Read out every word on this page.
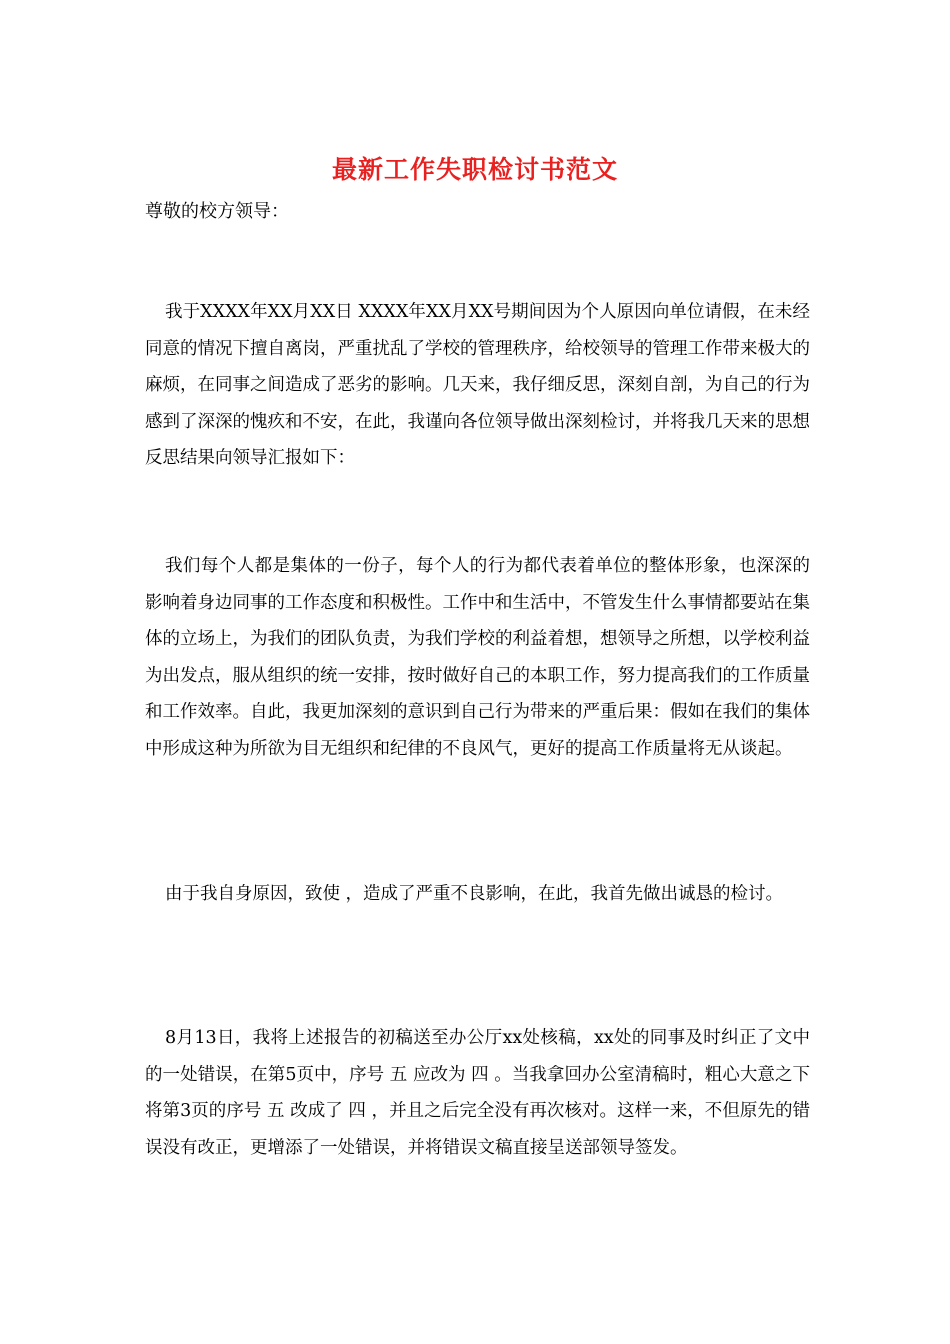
最新工作失职检讨书范文
尊敬的校方领导：

我于XXXX年XX月XX日 XXXX年XX月XX号期间因为个人原因向单位请假，在未经同意的情况下擅自离岗，严重扰乱了学校的管理秩序，给校领导的管理工作带来极大的麻烦，在同事之间造成了恶劣的影响。几天来，我仔细反思，深刻自剖，为自己的行为感到了深深的愧疚和不安，在此，我谨向各位领导做出深刻检讨，并将我几天来的思想反思结果向领导汇报如下：

我们每个人都是集体的一份子，每个人的行为都代表着单位的整体形象，也深深的影响着身边同事的工作态度和积极性。工作中和生活中，不管发生什么事情都要站在集体的立场上，为我们的团队负责，为我们学校的利益着想，想领导之所想，以学校利益为出发点，服从组织的统一安排，按时做好自己的本职工作，努力提高我们的工作质量和工作效率。自此，我更加深刻的意识到自己行为带来的严重后果：假如在我们的集体中形成这种为所欲为目无组织和纪律的不良风气，更好的提高工作质量将无从谈起。

由于我自身原因，致使 ，造成了严重不良影响，在此，我首先做出诚恳的检讨。

8月13日，我将上述报告的初稿送至办公厅xx处核稿，xx处的同事及时纠正了文中的一处错误，在第5页中，序号 五 应改为 四 。当我拿回办公室清稿时，粗心大意之下将第3页的序号 五 改成了 四 ，并且之后完全没有再次核对。这样一来，不但原先的错误没有改正，更增添了一处错误，并将错误文稿直接呈送部领导签发。
